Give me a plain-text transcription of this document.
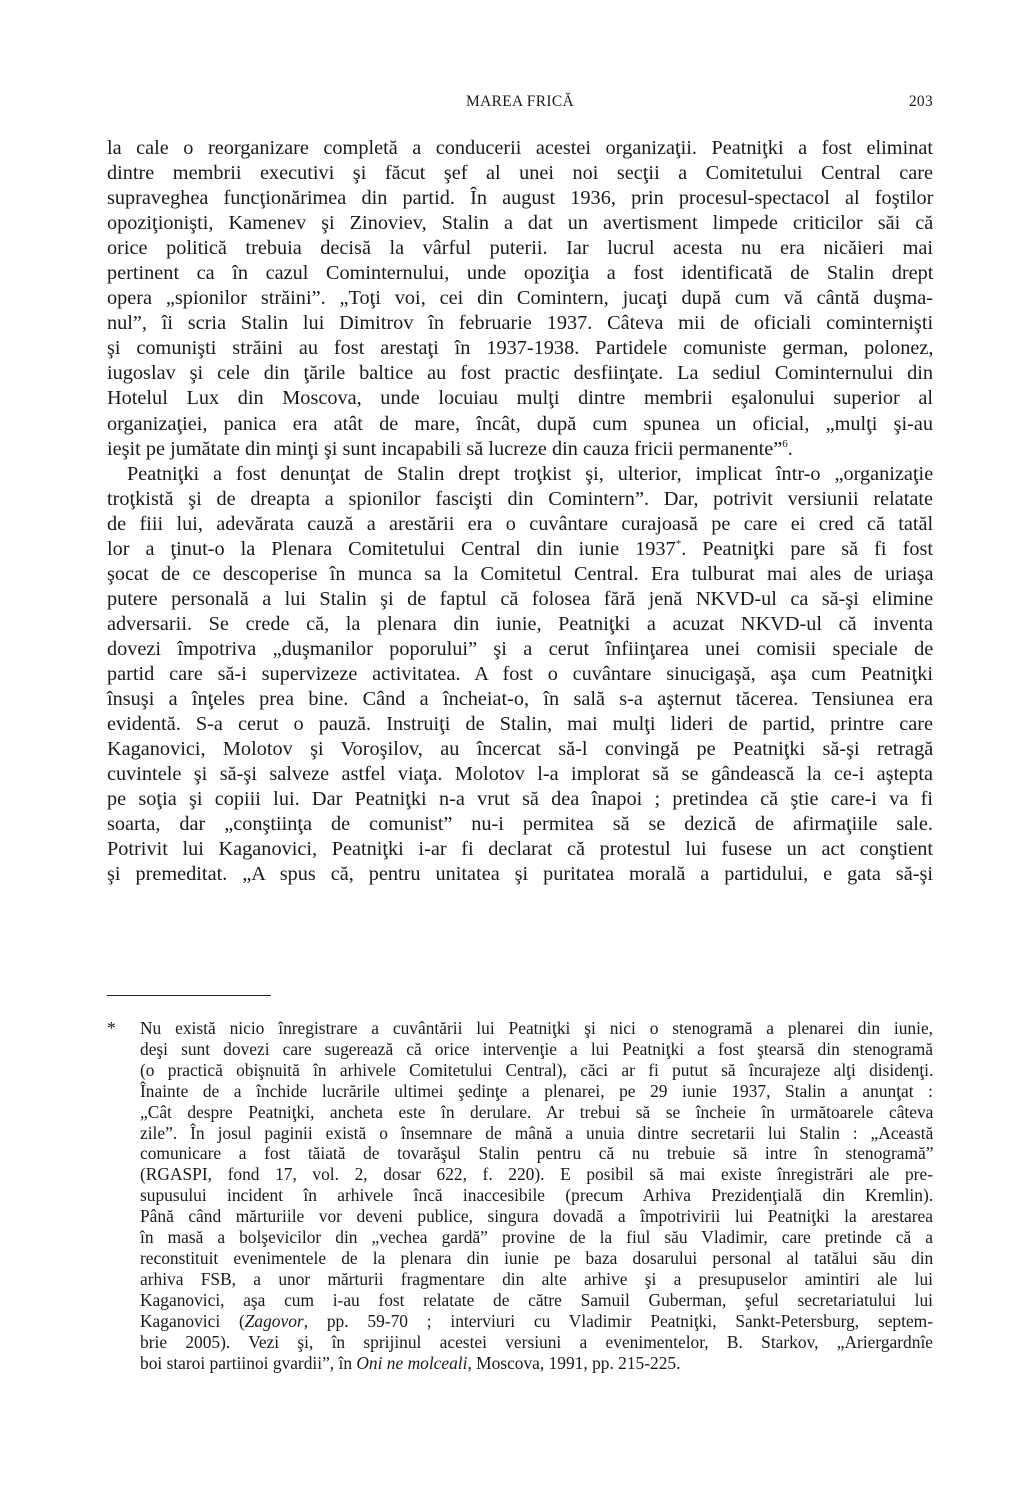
MAREA FRICĂ	203
la cale o reorganizare completă a conducerii acestei organizaţii. Peatniţki a fost eliminat
dintre membrii executivi şi făcut şef al unei noi secţii a Comitetului Central care
supraveghea funcţionărimea din partid. În august 1936, prin procesul-spectacol al foştilor
opoziţionişti, Kamenev şi Zinoviev, Stalin a dat un avertisment limpede criticilor săi că
orice politică trebuia decisă la vârful puterii. Iar lucrul acesta nu era nicăieri mai
pertinent ca în cazul Cominternului, unde opoziţia a fost identificată de Stalin drept
opera „spionilor străini”. „Toţi voi, cei din Comintern, jucaţi după cum vă cântă duşma-
nul”, îi scria Stalin lui Dimitrov în februarie 1937. Câteva mii de oficiali cominternişti
şi comunişti străini au fost arestaţi în 1937-1938. Partidele comuniste german, polonez,
iugoslav şi cele din ţările baltice au fost practic desfiinţate. La sediul Cominternului din
Hotelul Lux din Moscova, unde locuiau mulţi dintre membrii eşalonului superior al
organizaţiei, panica era atât de mare, încât, după cum spunea un oficial, „mulţi şi-au
ieşit pe jumătate din minţi şi sunt incapabili să lucreze din cauza fricii permanente”$^6$.
Peatniţki a fost denunţat de Stalin drept troţkist şi, ulterior, implicat într-o „organizaţie
troţkistă şi de dreapta a spionilor fascişti din Comintern”. Dar, potrivit versiunii relatate
de fiii lui, adevărata cauză a arestării era o cuvântare curajoasă pe care ei cred că tatăl
lor a ţinut-o la Plenara Comitetului Central din iunie 1937*. Peatniţki pare să fi fost
şocat de ce descoperise în munca sa la Comitetul Central. Era tulburat mai ales de uriaşa
putere personală a lui Stalin şi de faptul că folosea fără jenă NKVD-ul ca să-şi elimine
adversarii. Se crede că, la plenara din iunie, Peatniţki a acuzat NKVD-ul că inventa
dovezi împotriva „duşmanilor poporului” şi a cerut înfiinţarea unei comisii speciale de
partid care să-i supervizeze activitatea. A fost o cuvântare sinucigaşă, aşa cum Peatniţki
însuşi a înţeles prea bine. Când a încheiat-o, în sală s-a aşternut tăcerea. Tensiunea era
evidentă. S-a cerut o pauză. Instruiţi de Stalin, mai mulţi lideri de partid, printre care
Kaganovici, Molotov şi Voroşilov, au încercat să-l convingă pe Peatniţki să-şi retragă
cuvintele şi să-şi salveze astfel viaţa. Molotov l-a implorat să se gândească la ce-i aştepta
pe soţia şi copiii lui. Dar Peatniţki n-a vrut să dea înapoi ; pretindea că ştie care-i va fi
soarta, dar „conştiinţa de comunist” nu-i permitea să se dezică de afirmaţiile sale.
Potrivit lui Kaganovici, Peatniţki i-ar fi declarat că protestul lui fusese un act conştient
şi premeditat. „A spus că, pentru unitatea şi puritatea morală a partidului, e gata să-şi
*	Nu există nicio înregistrare a cuvântării lui Peatniţki şi nici o stenogramă a plenarei din iunie,
deşi sunt dovezi care sugerează că orice intervenţie a lui Peatniţki a fost ştearsă din stenogramă
(o practică obişnuită în arhivele Comitetului Central), căci ar fi putut să încurajeze alţi disidenţi.
Înainte de a închide lucrările ultimei şedinţe a plenarei, pe 29 iunie 1937, Stalin a anunţat :
„Cât despre Peatniţki, ancheta este în derulare. Ar trebui să se încheie în următoarele câteva
zile”. În josul paginii există o însemnare de mână a unuia dintre secretarii lui Stalin : „Această
comunicare a fost tăiată de tovarăşul Stalin pentru că nu trebuie să intre în stenogramă”
(RGASPI, fond 17, vol. 2, dosar 622, f. 220). E posibil să mai existe înregistrări ale pre-
supusului incident în arhivele încă inaccesibile (precum Arhiva Prezidenţială din Kremlin).
Până când mărturiile vor deveni publice, singura dovadă a împotrivirii lui Peatniţki la arestarea
în masă a bolşevicilor din „vechea gardă” provine de la fiul său Vladimir, care pretinde că a
reconstituit evenimentele de la plenara din iunie pe baza dosarului personal al tatălui său din
arhiva FSB, a unor mărturii fragmentare din alte arhive şi a presupuselor amintiri ale lui
Kaganovici, aşa cum i-au fost relatate de către Samuil Guberman, şeful secretariatului lui
Kaganovici (Zagovor, pp. 59-70 ; interviuri cu Vladimir Peatniţki, Sankt-Petersburg, septem-
brie 2005). Vezi şi, în sprijinul acestei versiuni a evenimentelor, B. Starkov, „Ariergardnîe
boi staroi partiinoi gvardii”, în Oni ne molceali, Moscova, 1991, pp. 215-225.
